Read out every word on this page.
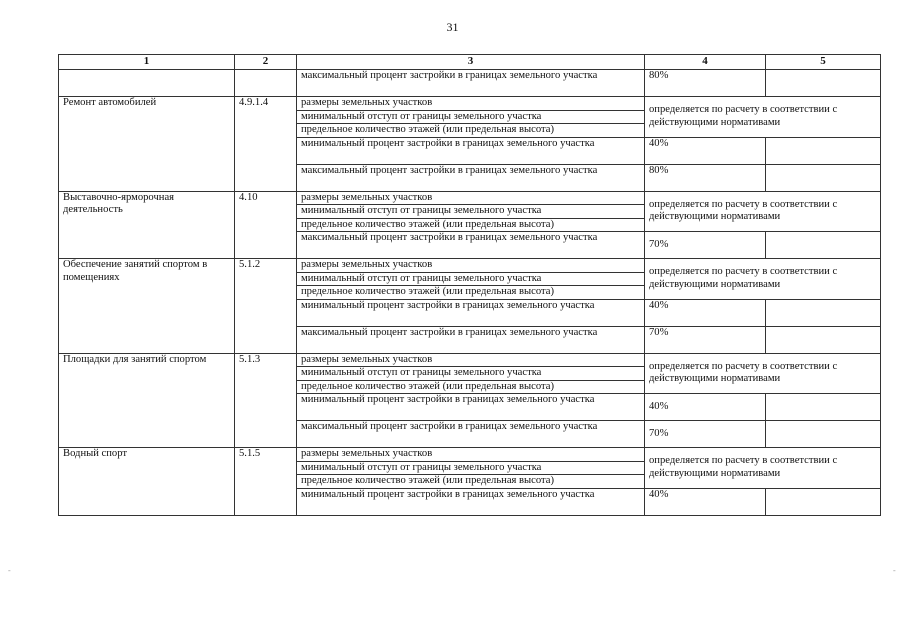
31
1	2	3	4	5
		максимальный процент застройки в границах земельного участка	80%	
Ремонт автомобилей	4.9.1.4	размеры земельных участков	определяется по расчету в соответствии с действующими нормативами	
		минимальный отступ от границы земельного участка		
		предельное количество этажей (или предельная высота)		
		минимальный процент застройки в границах земельного участка	40%	
		максимальный процент застройки в границах земельного участка	80%	
Выставочно-ярморочная деятельность	4.10	размеры земельных участков	определяется по расчету в соответствии с действующими нормативами	
		минимальный отступ от границы земельного участка		
		предельное количество этажей (или предельная высота)		
		максимальный процент застройки в границах земельного участка	70%	
Обеспечение занятий спортом в помещениях	5.1.2	размеры земельных участков	определяется по расчету в соответствии с действующими нормативами	
		минимальный отступ от границы земельного участка		
		предельное количество этажей (или предельная высота)		
		минимальный процент застройки в границах земельного участка	40%	
		максимальный процент застройки в границах земельного участка	70%	
Площадки для занятий спортом	5.1.3	размеры земельных участков	определяется по расчету в соответствии с действующими нормативами	
		минимальный отступ от границы земельного участка		
		предельное количество этажей (или предельная высота)		
		минимальный процент застройки в границах земельного участка	40%	
		максимальный процент застройки в границах земельного участка	70%	
Водный спорт	5.1.5	размеры земельных участков	определяется по расчету в соответствии с действующими нормативами	
		минимальный отступ от границы земельного участка		
		предельное количество этажей (или предельная высота)		
		минимальный процент застройки в границах земельного участка	40%	
-	-
